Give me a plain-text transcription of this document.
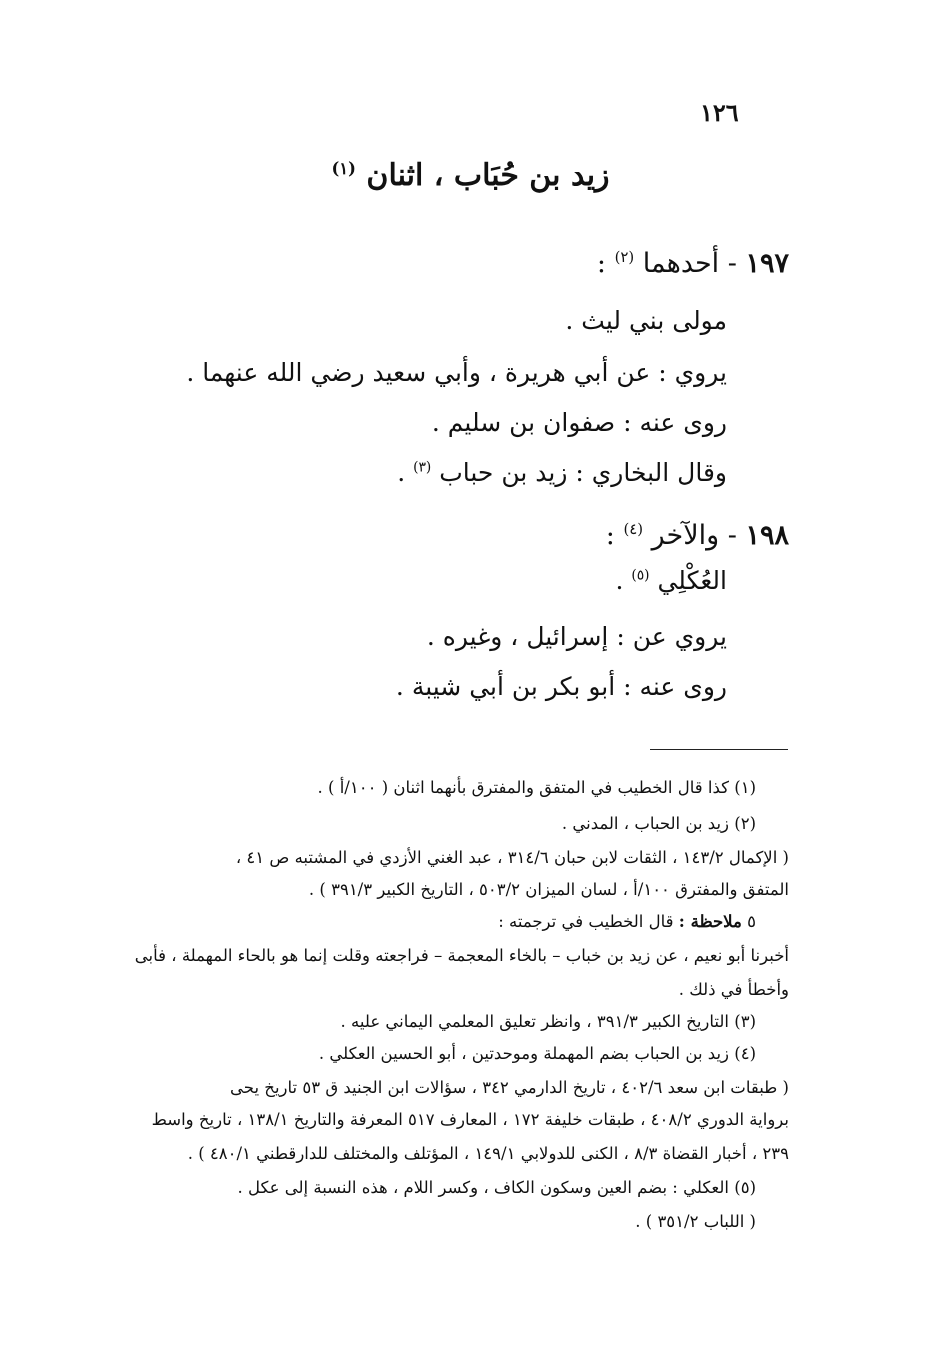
١٢٦
زيد بن حُبَاب ، اثنان $^{(١)}$
١٩٧ - أحدهما $^{(٢)}$ :
مولى بني ليث .
يروي : عن أبي هريرة ، وأبي سعيد رضي الله عنهما .
روى عنه : صفوان بن سليم .
وقال البخاري : زيد بن حباب $^{(٣)}$ .
١٩٨ - والآخر $^{(٤)}$ :
العُكْلِي $^{(٥)}$ .
يروي عن : إسرائيل ، وغيره .
روى عنه : أبو بكر بن أبي شيبة .
(١) كذا قال الخطيب في المتفق والمفترق بأنهما اثنان ( ١٠٠/أ ) .
(٢) زيد بن الحباب ، المدني .
( الإكمال ١٤٣/٢ ، الثقات لابن حبان ٣١٤/٦ ، عبد الغني الأزدي في المشتبه ص ٤١ ،
المتفق والمفترق ١٠٠/أ ، لسان الميزان ٥٠٣/٢ ، التاريخ الكبير ٣٩١/٣ ) .
٥ ملاحظة : قال الخطيب في ترجمته :
أخبرنا أبو نعيم ، عن زيد بن خباب – بالخاء المعجمة – فراجعته وقلت إنما هو بالحاء المهملة ، فأبى
وأخطأ في ذلك .
(٣) التاريخ الكبير ٣٩١/٣ ، وانظر تعليق المعلمي اليماني عليه .
(٤) زيد بن الحباب بضم المهملة وموحدتين ، أبو الحسين العكلي .
( طبقات ابن سعد ٤٠٢/٦ ، تاريخ الدارمي ٣٤٢ ، سؤالات ابن الجنيد ق ٥٣ تاريخ يحى
برواية الدوري ٤٠٨/٢ ، طبقات خليفة ١٧٢ ، المعارف ٥١٧ المعرفة والتاريخ ١٣٨/١ ، تاريخ واسط
٢٣٩ ، أخبار القضاة ٨/٣ ، الكنى للدولابي ١٤٩/١ ، المؤتلف والمختلف للدارقطني ٤٨٠/١ ) .
(٥) العكلي : بضم العين وسكون الكاف ، وكسر اللام ، هذه النسبة إلى عكل .
( اللباب ٣٥١/٢ ) .
